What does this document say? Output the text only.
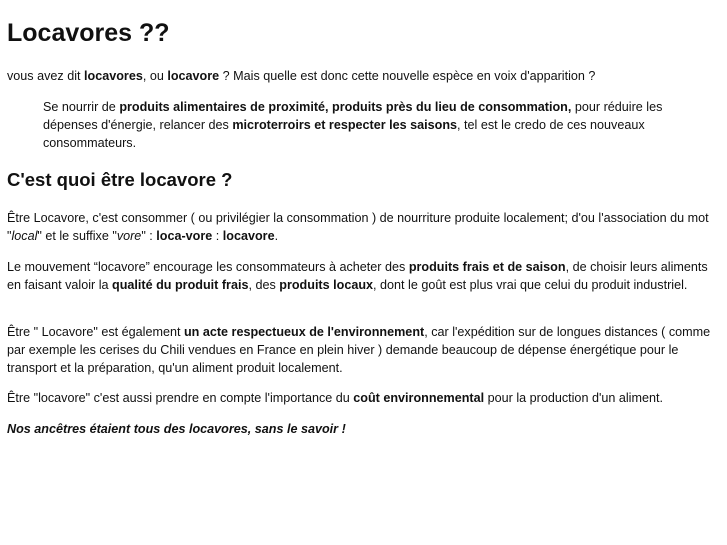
Locavores ??

vous avez dit locavores, ou locavore ? Mais quelle est donc cette nouvelle espèce en voix d'apparition ?

Se nourrir de produits alimentaires de proximité, produits près du lieu de consommation, pour réduire les dépenses d'énergie, relancer des microterroirs et respecter les saisons, tel est le credo de ces nouveaux consommateurs.
C'est quoi être locavore ?

Être Locavore, c'est consommer ( ou privilégier la consommation ) de nourriture produite localement; d'ou l'association du mot "local" et le suffixe "vore" : loca-vore : locavore.

Le mouvement “locavore” encourage les consommateurs à acheter des produits frais et de saison, de choisir leurs aliments en faisant valoir la qualité du produit frais, des produits locaux, dont le goût est plus vrai que celui du produit industriel.

Être " Locavore" est également un acte respectueux de l'environnement, car l'expédition sur de longues distances ( comme par exemple les cerises du Chili vendues en France en plein hiver ) demande beaucoup de dépense énergétique pour le transport et la préparation, qu'un aliment produit localement.

Être "locavore" c'est aussi prendre en compte l'importance du coût environnemental pour la production d'un aliment.

Nos ancêtres étaient tous des locavores, sans le savoir !
